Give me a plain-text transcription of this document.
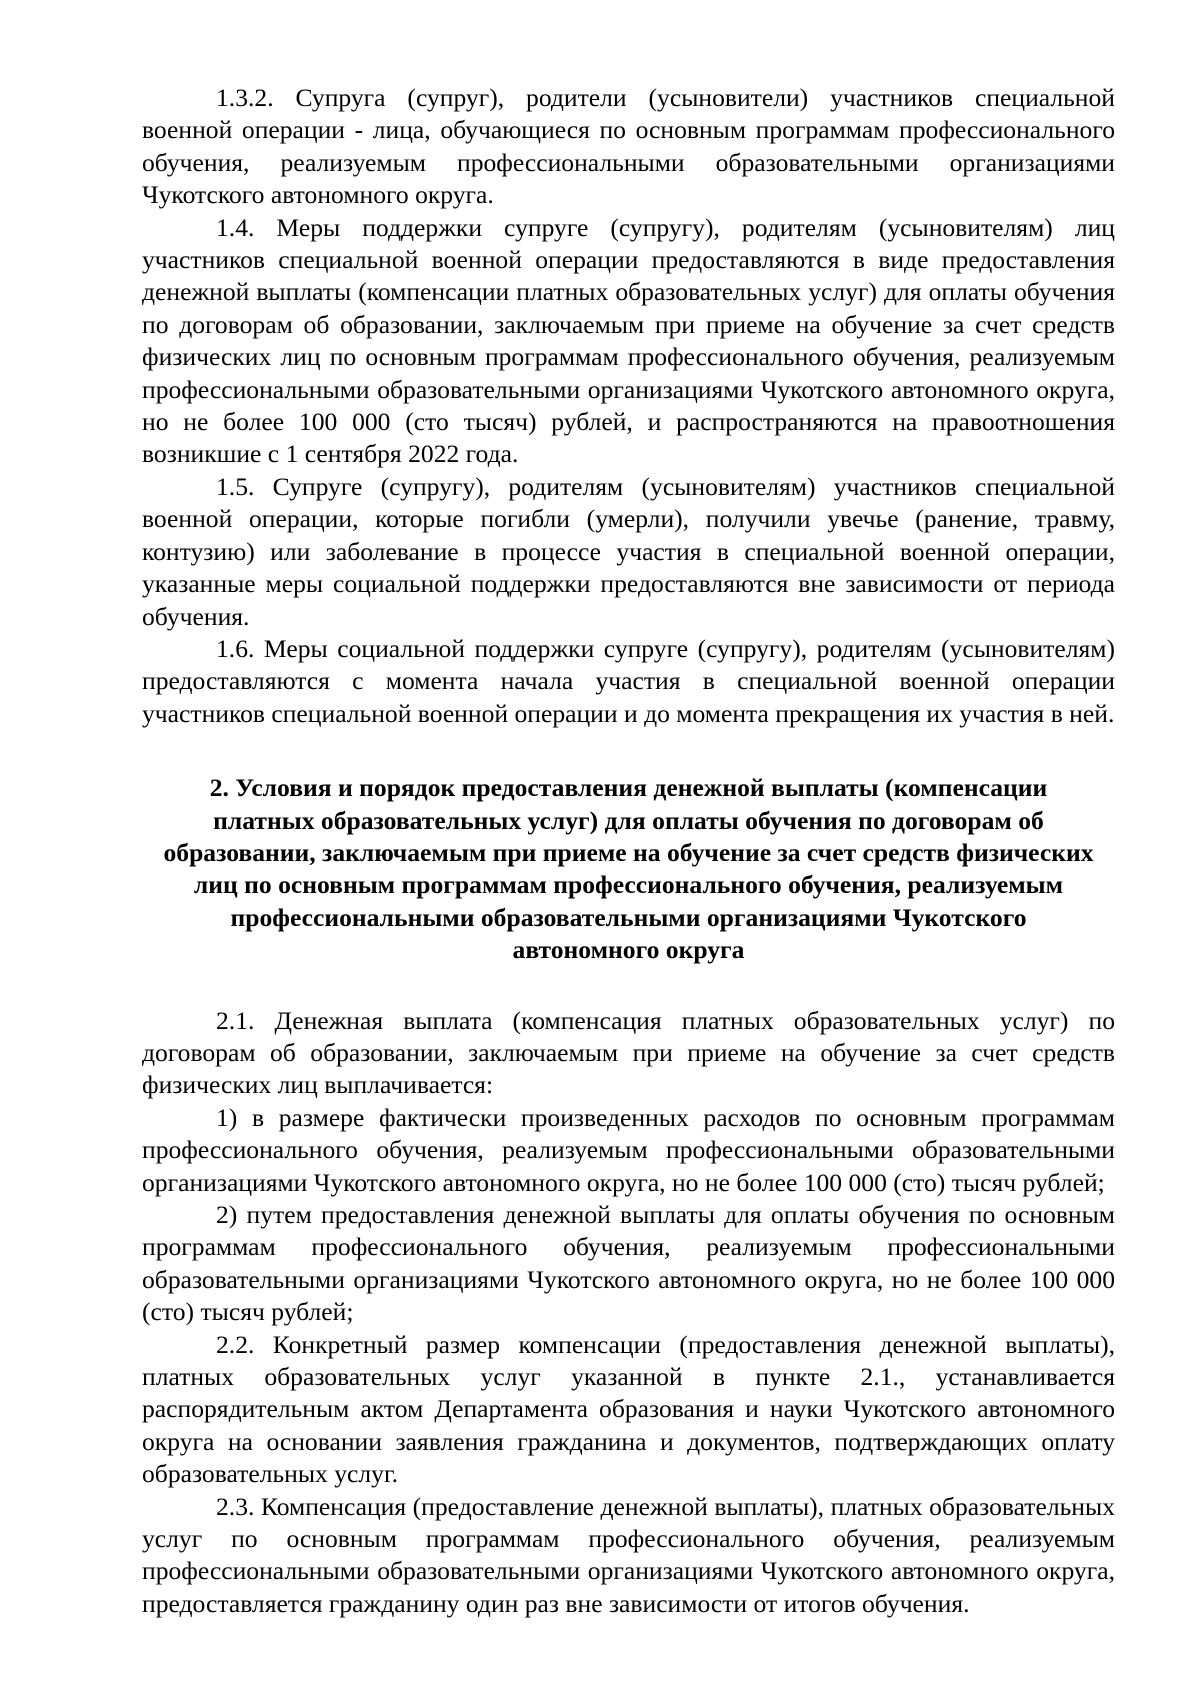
1.3.2. Супруга (супруг), родители (усыновители) участников специальной военной операции - лица, обучающиеся по основным программам профессионального обучения, реализуемым профессиональными образовательными организациями Чукотского автономного округа.

1.4. Меры поддержки супруге (супругу), родителям (усыновителям) лиц участников специальной военной операции предоставляются в виде предоставления денежной выплаты (компенсации платных образовательных услуг) для оплаты обучения по договорам об образовании, заключаемым при приеме на обучение за счет средств физических лиц по основным программам профессионального обучения, реализуемым профессиональными образовательными организациями Чукотского автономного округа, но не более 100 000 (сто тысяч) рублей, и распространяются на правоотношения возникшие с 1 сентября 2022 года.

1.5. Супруге (супругу), родителям (усыновителям) участников специальной военной операции, которые погибли (умерли), получили увечье (ранение, травму, контузию) или заболевание в процессе участия в специальной военной операции, указанные меры социальной поддержки предоставляются вне зависимости от периода обучения.

1.6. Меры социальной поддержки супруге (супругу), родителям (усыновителям) предоставляются с момента начала участия в специальной военной операции участников специальной военной операции и до момента прекращения их участия в ней.

2. Условия и порядок предоставления денежной выплаты (компенсации
платных образовательных услуг) для оплаты обучения по договорам об
образовании, заключаемым при приеме на обучение за счет средств физических
лиц по основным программам профессионального обучения, реализуемым
профессиональными образовательными организациями Чукотского
автономного округа

2.1. Денежная выплата (компенсация платных образовательных услуг) по договорам об образовании, заключаемым при приеме на обучение за счет средств физических лиц выплачивается:

1) в размере фактически произведенных расходов по основным программам профессионального обучения, реализуемым профессиональными образовательными организациями Чукотского автономного округа, но не более 100 000 (сто) тысяч рублей;

2) путем предоставления денежной выплаты для оплаты обучения по основным программам профессионального обучения, реализуемым профессиональными образовательными организациями Чукотского автономного округа, но не более 100 000 (сто) тысяч рублей;

2.2. Конкретный размер компенсации (предоставления денежной выплаты), платных образовательных услуг указанной в пункте 2.1., устанавливается распорядительным актом Департамента образования и науки Чукотского автономного округа на основании заявления гражданина и документов, подтверждающих оплату образовательных услуг.

2.3. Компенсация (предоставление денежной выплаты), платных образовательных услуг по основным программам профессионального обучения, реализуемым профессиональными образовательными организациями Чукотского автономного округа, предоставляется гражданину один раз вне зависимости от итогов обучения.
